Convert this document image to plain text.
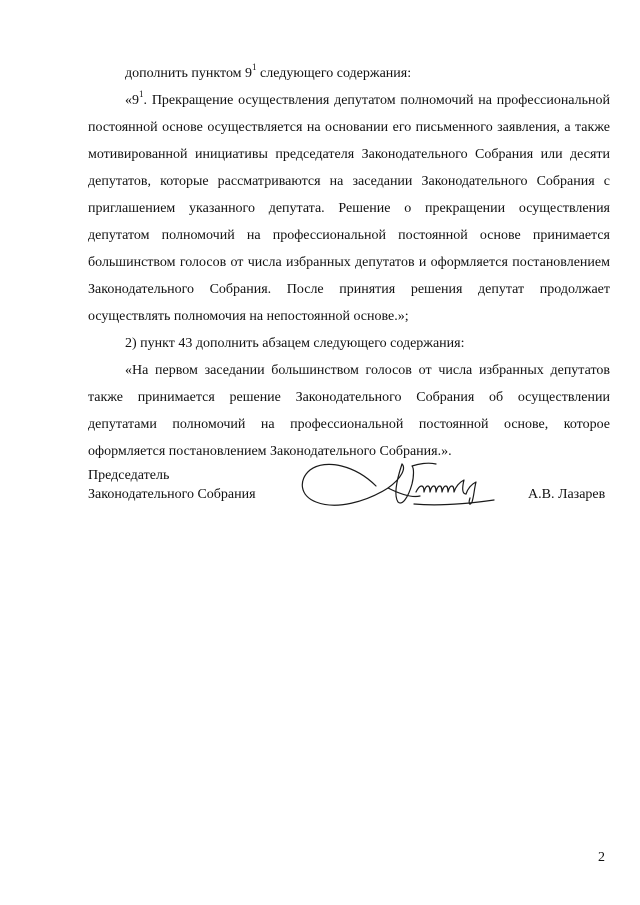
дополнить пунктом $9^1$ следующего содержания:

«$9^1$. Прекращение осуществления депутатом полномочий на профессиональной постоянной основе осуществляется на основании его письменного заявления, а также мотивированной инициативы председателя Законодательного Собрания или десяти депутатов, которые рассматриваются на заседании Законодательного Собрания с приглашением указанного депутата. Решение о прекращении осуществления депутатом полномочий на профессиональной постоянной основе принимается большинством голосов от числа избранных депутатов и оформляется постановлением Законодательного Собрания. После принятия решения депутат продолжает осуществлять полномочия на непостоянной основе.»;

2) пункт 43 дополнить абзацем следующего содержания:

«На первом заседании большинством голосов от числа избранных депутатов также принимается решение Законодательного Собрания об осуществлении депутатами полномочий на профессиональной постоянной основе, которое оформляется постановлением Законодательного Собрания.».

Председатель
Законодательного Собрания	А.В. Лазарев
2
